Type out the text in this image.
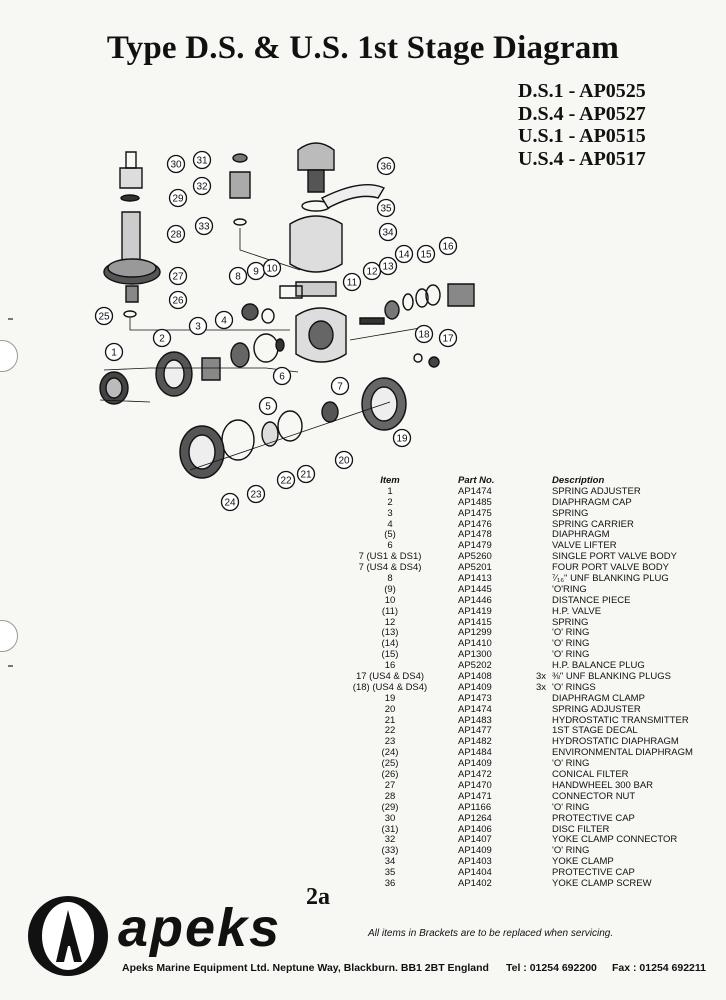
Type D.S. & U.S. 1st Stage Diagram
D.S.1 - AP0525
D.S.4 - AP0527
U.S.1 - AP0515
U.S.4 - AP0517
1
2
3
4
5
6
7
8 9 10
11
12 13
14 15
16
17
18
19
20
21
22
23
24
25
26
27
28
29
30 31
32
33
34
35
36
Item	Part No.	Description
1	AP1474	SPRING ADJUSTER
2	AP1485	DIAPHRAGM CAP
3	AP1475	SPRING
4	AP1476	SPRING CARRIER
(5)	AP1478	DIAPHRAGM
6	AP1479	VALVE LIFTER
7 (US1 & DS1)	AP5260	SINGLE PORT VALVE BODY
7 (US4 & DS4)	AP5201	FOUR PORT VALVE BODY
8	AP1413	⁷⁄₁₆" UNF BLANKING PLUG
(9)	AP1445	'O'RING
10	AP1446	DISTANCE PIECE
(11)	AP1419	H.P. VALVE
12	AP1415	SPRING
(13)	AP1299	'O' RING
(14)	AP1410	'O' RING
(15)	AP1300	'O' RING
16	AP5202	H.P. BALANCE PLUG
17 (US4 & DS4)	AP1408	3x ⅜" UNF BLANKING PLUGS
(18) (US4 & DS4)	AP1409	3x 'O' RINGS
19	AP1473	DIAPHRAGM CLAMP
20	AP1474	SPRING ADJUSTER
21	AP1483	HYDROSTATIC TRANSMITTER
22	AP1477	1ST STAGE DECAL
23	AP1482	HYDROSTATIC DIAPHRAGM
(24)	AP1484	ENVIRONMENTAL DIAPHRAGM
(25)	AP1409	'O' RING
(26)	AP1472	CONICAL FILTER
27	AP1470	HANDWHEEL 300 BAR
28	AP1471	CONNECTOR NUT
(29)	AP1166	'O' RING
30	AP1264	PROTECTIVE CAP
(31)	AP1406	DISC FILTER
32	AP1407	YOKE CLAMP CONNECTOR
(33)	AP1409	'O' RING
34	AP1403	YOKE CLAMP
35	AP1404	PROTECTIVE CAP
36	AP1402	YOKE CLAMP SCREW
2a
apeks	All items in Brackets are to be replaced when servicing.
Apeks Marine Equipment Ltd. Neptune Way, Blackburn. BB1 2BT England Tel : 01254 692200 Fax : 01254 692211
